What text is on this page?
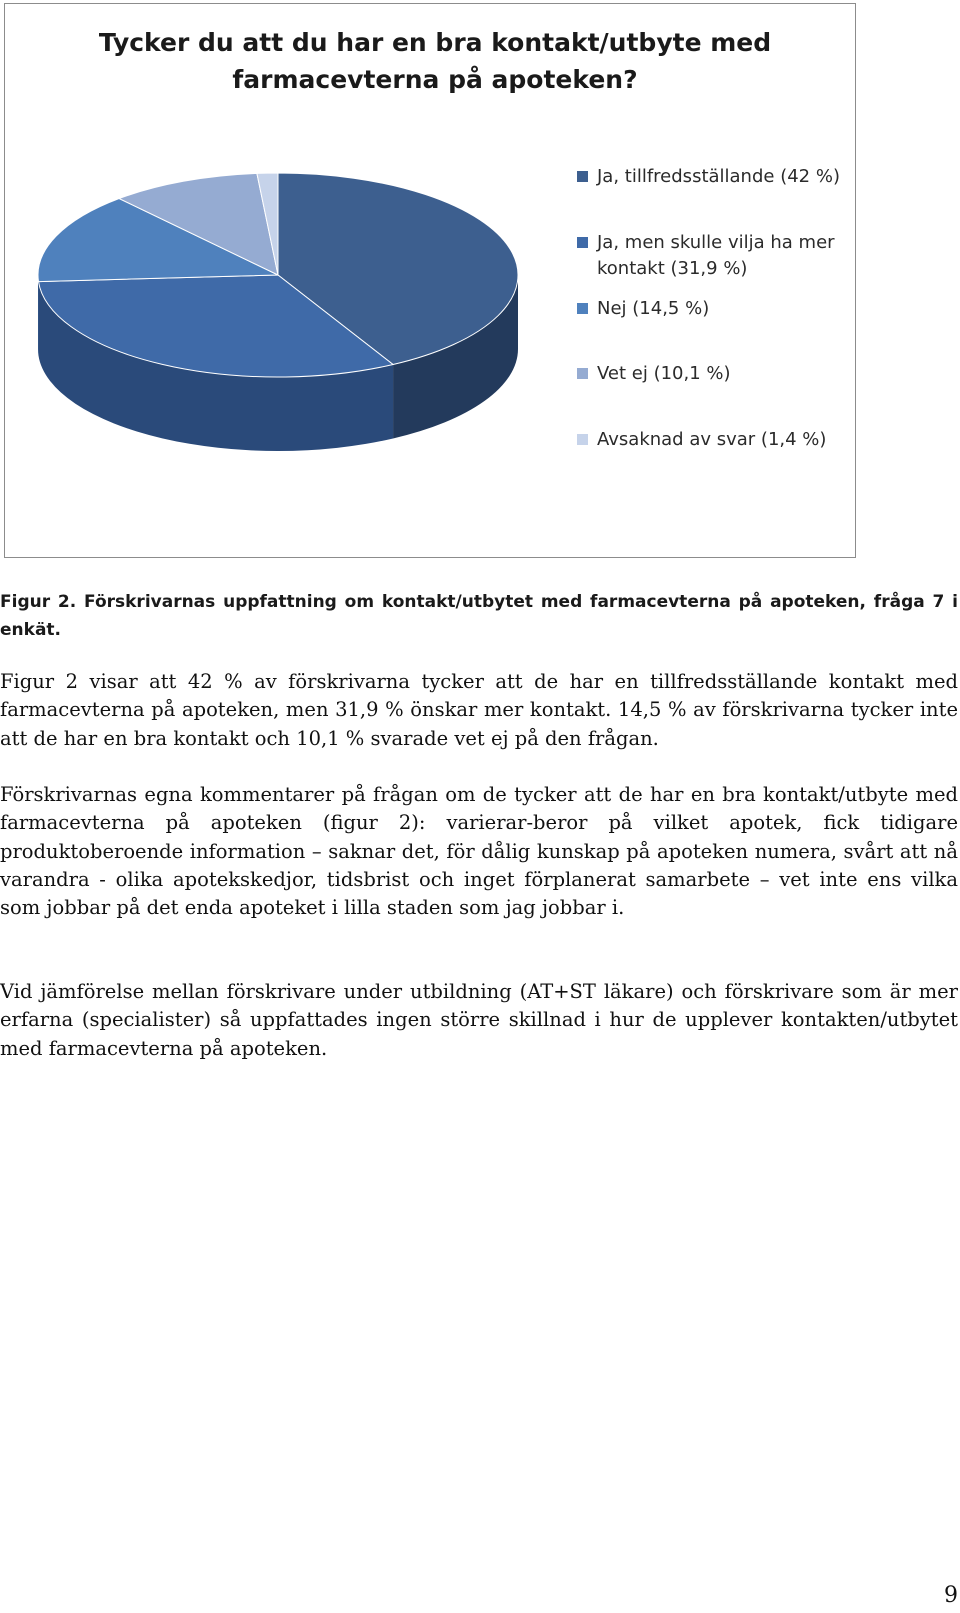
Tycker du att du har en bra kontakt/utbyte med
farmacevterna på apoteken?
Ja, tillfredsställande (42 %)
Ja, men skulle vilja ha mer
kontakt (31,9 %)
Nej (14,5 %)
Vet ej (10,1 %)
Avsaknad av svar (1,4 %)

Figur 2. Förskrivarnas uppfattning om kontakt/utbytet med farmacevterna på apoteken, fråga 7 i enkät.

Figur 2 visar att 42 % av förskrivarna tycker att de har en tillfredsställande kontakt med farmacevterna på apoteken, men 31,9 % önskar mer kontakt. 14,5 % av förskrivarna tycker inte att de har en bra kontakt och 10,1 % svarade vet ej på den frågan.

Förskrivarnas egna kommentarer på frågan om de tycker att de har en bra kontakt/utbyte med farmacevterna på apoteken (figur 2): varierar-beror på vilket apotek, fick tidigare produktoberoende information – saknar det, för dålig kunskap på apoteken numera, svårt att nå varandra - olika apotekskedjor, tidsbrist och inget förplanerat samarbete – vet inte ens vilka som jobbar på det enda apoteket i lilla staden som jag jobbar i.

Vid jämförelse mellan förskrivare under utbildning (AT+ST läkare) och förskrivare som är mer erfarna (specialister) så uppfattades ingen större skillnad i hur de upplever kontakten/utbytet med farmacevterna på apoteken.

9
